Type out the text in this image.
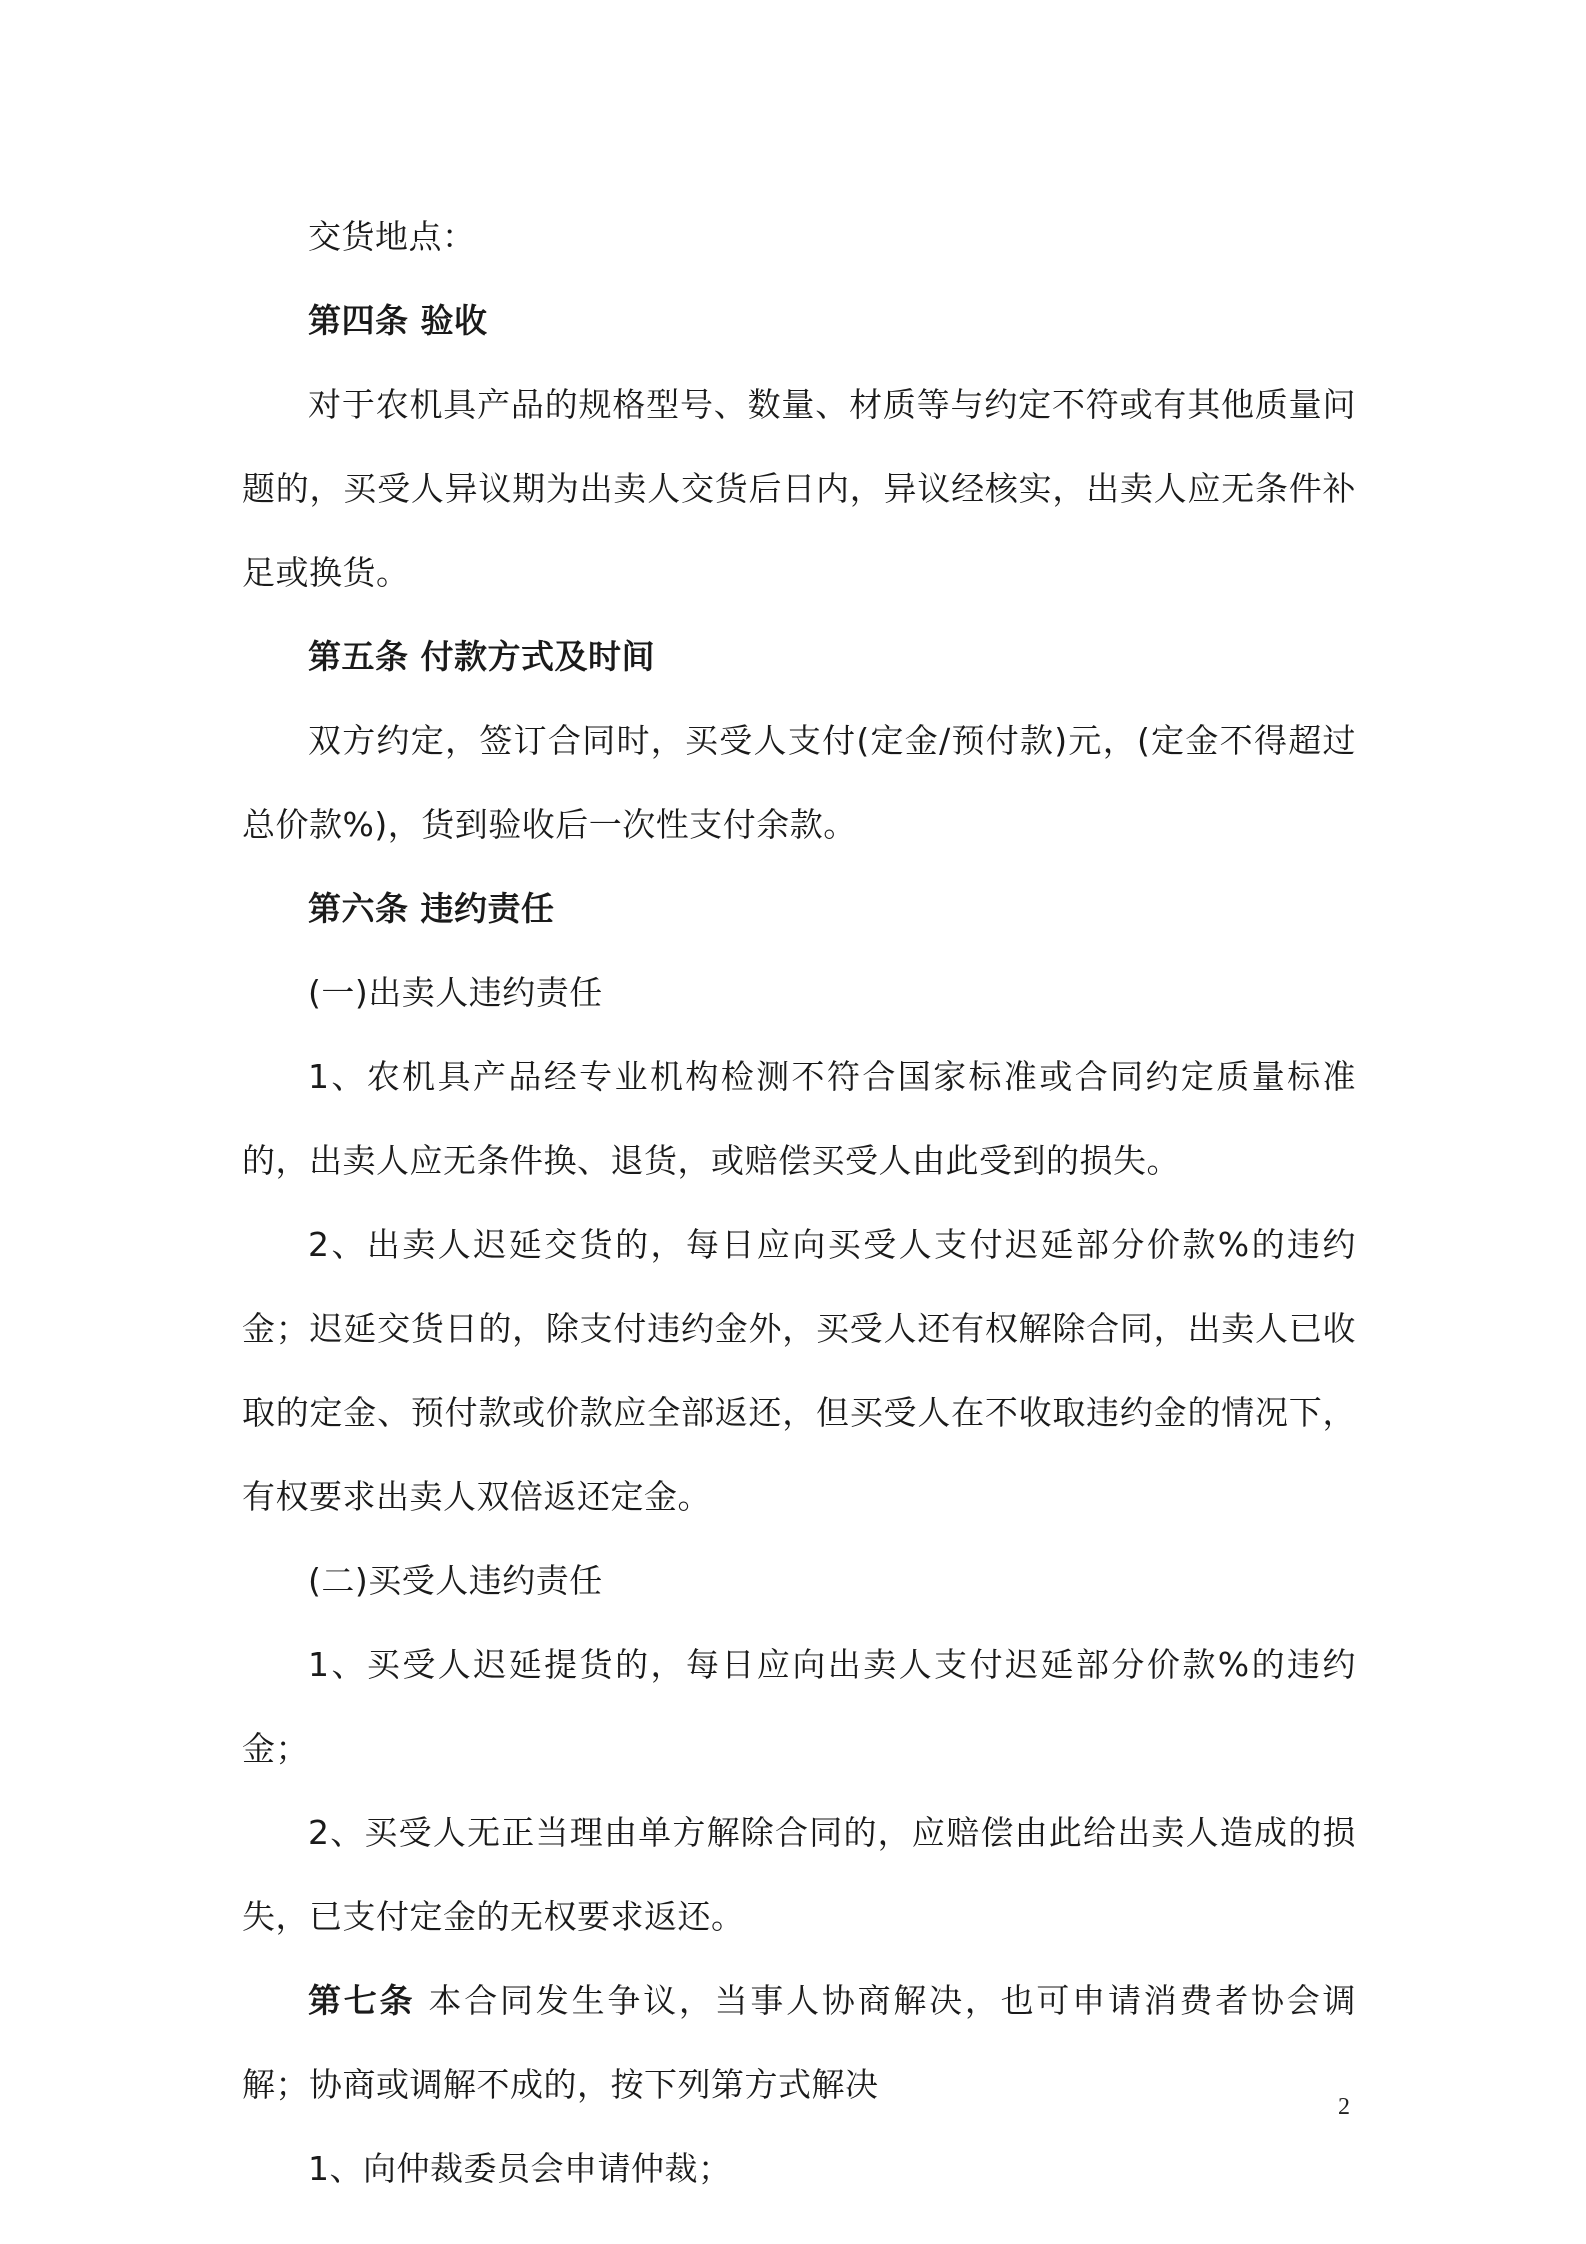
交货地点：

第四条 验收

对于农机具产品的规格型号、数量、材质等与约定不符或有其他质量问题的，买受人异议期为出卖人交货后日内，异议经核实，出卖人应无条件补足或换货。

第五条 付款方式及时间

双方约定，签订合同时，买受人支付(定金/预付款)元，(定金不得超过总价款%)，货到验收后一次性支付余款。

第六条 违约责任

(一)出卖人违约责任

1、农机具产品经专业机构检测不符合国家标准或合同约定质量标准的，出卖人应无条件换、退货，或赔偿买受人由此受到的损失。

2、出卖人迟延交货的，每日应向买受人支付迟延部分价款%的违约金；迟延交货日的，除支付违约金外，买受人还有权解除合同，出卖人已收取的定金、预付款或价款应全部返还，但买受人在不收取违约金的情况下，有权要求出卖人双倍返还定金。

(二)买受人违约责任

1、买受人迟延提货的，每日应向出卖人支付迟延部分价款%的违约金；

2、买受人无正当理由单方解除合同的，应赔偿由此给出卖人造成的损失，已支付定金的无权要求返还。

第七条 本合同发生争议，当事人协商解决，也可申请消费者协会调解；协商或调解不成的，按下列第方式解决

1、向仲裁委员会申请仲裁；

2
